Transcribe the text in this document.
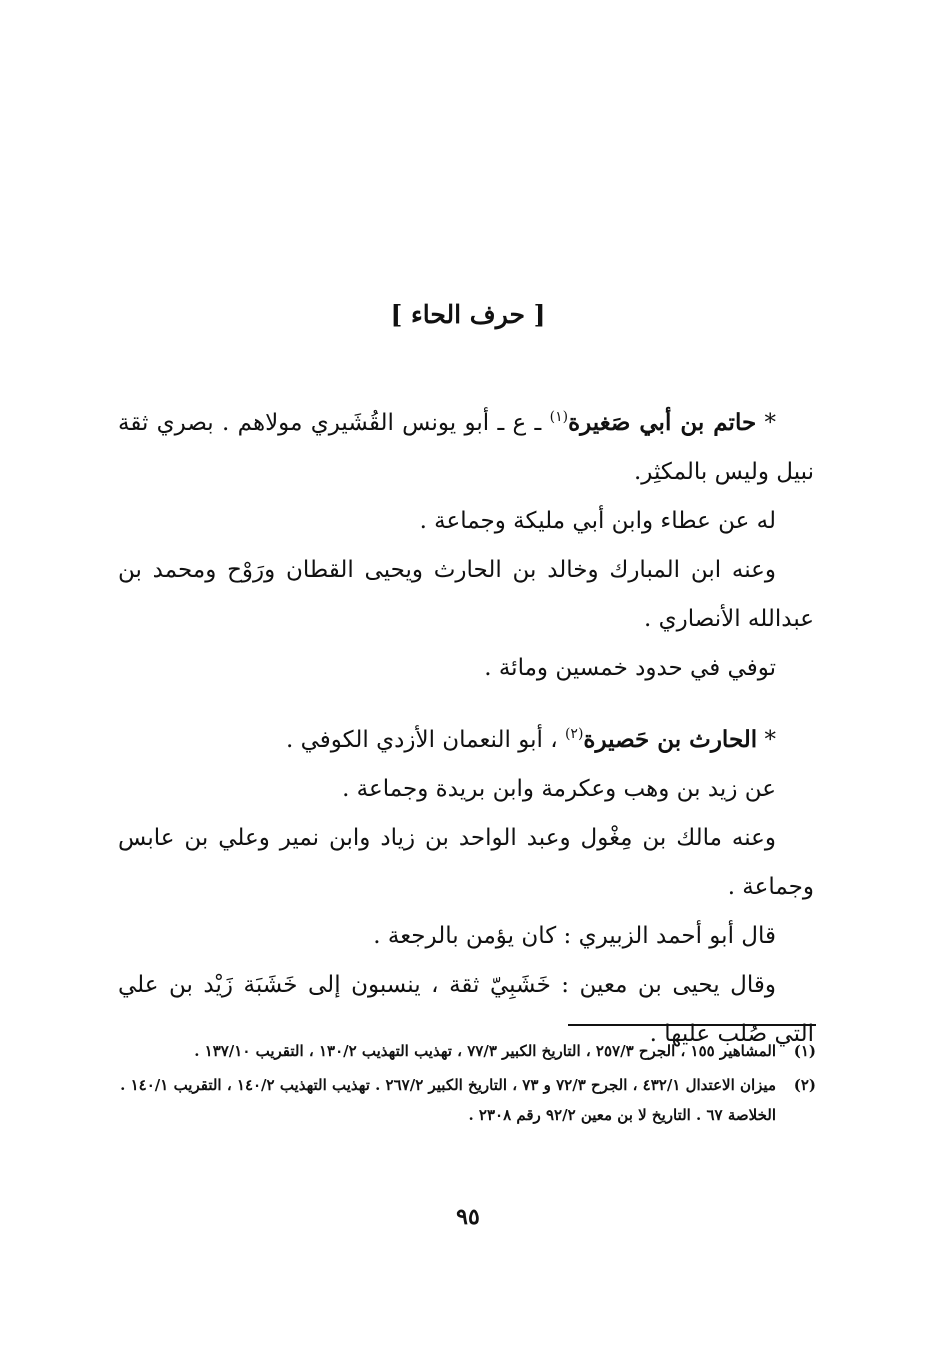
[ حرف الحاء ]

* حاتم بن أبي صَغيرة$^{(١)}$ ـ ع ـ أبو يونس القُشَيري مولاهم . بصري ثقة نبيل وليس بالمكثِر.

له عن عطاء وابن أبي مليكة وجماعة .

وعنه ابن المبارك وخالد بن الحارث ويحيى القطان ورَوْح ومحمد بن عبدالله الأنصاري .

توفي في حدود خمسين ومائة .

* الحارث بن حَصيرة$^{(٢)}$ ، أبو النعمان الأزدي الكوفي .

عن زيد بن وهب وعكرمة وابن بريدة وجماعة .

وعنه مالك بن مِغْول وعبد الواحد بن زياد وابن نمير وعلي بن عابس وجماعة .

قال أبو أحمد الزبيري : كان يؤمن بالرجعة .

وقال يحيى بن معين : خَشَبِيّ ثقة ، ينسبون إلى خَشَبَة زَيْد بن علي التي صُلب عليها .

(١)
المشاهير ١٥٥ ، الجرح ٢٥٧/٣ ، التاريخ الكبير ٧٧/٣ ، تهذيب التهذيب ١٣٠/٢ ، التقريب ١٣٧/١٠ .

(٢)
ميزان الاعتدال ٤٣٢/١ ، الجرح ٧٢/٣ و ٧٣ ، التاريخ الكبير ٢٦٧/٢ . تهذيب التهذيب ١٤٠/٢ ، التقريب ١٤٠/١ . الخلاصة ٦٧ . التاريخ لا بن معين ٩٢/٢ رقم ٢٣٠٨ .

٩٥
